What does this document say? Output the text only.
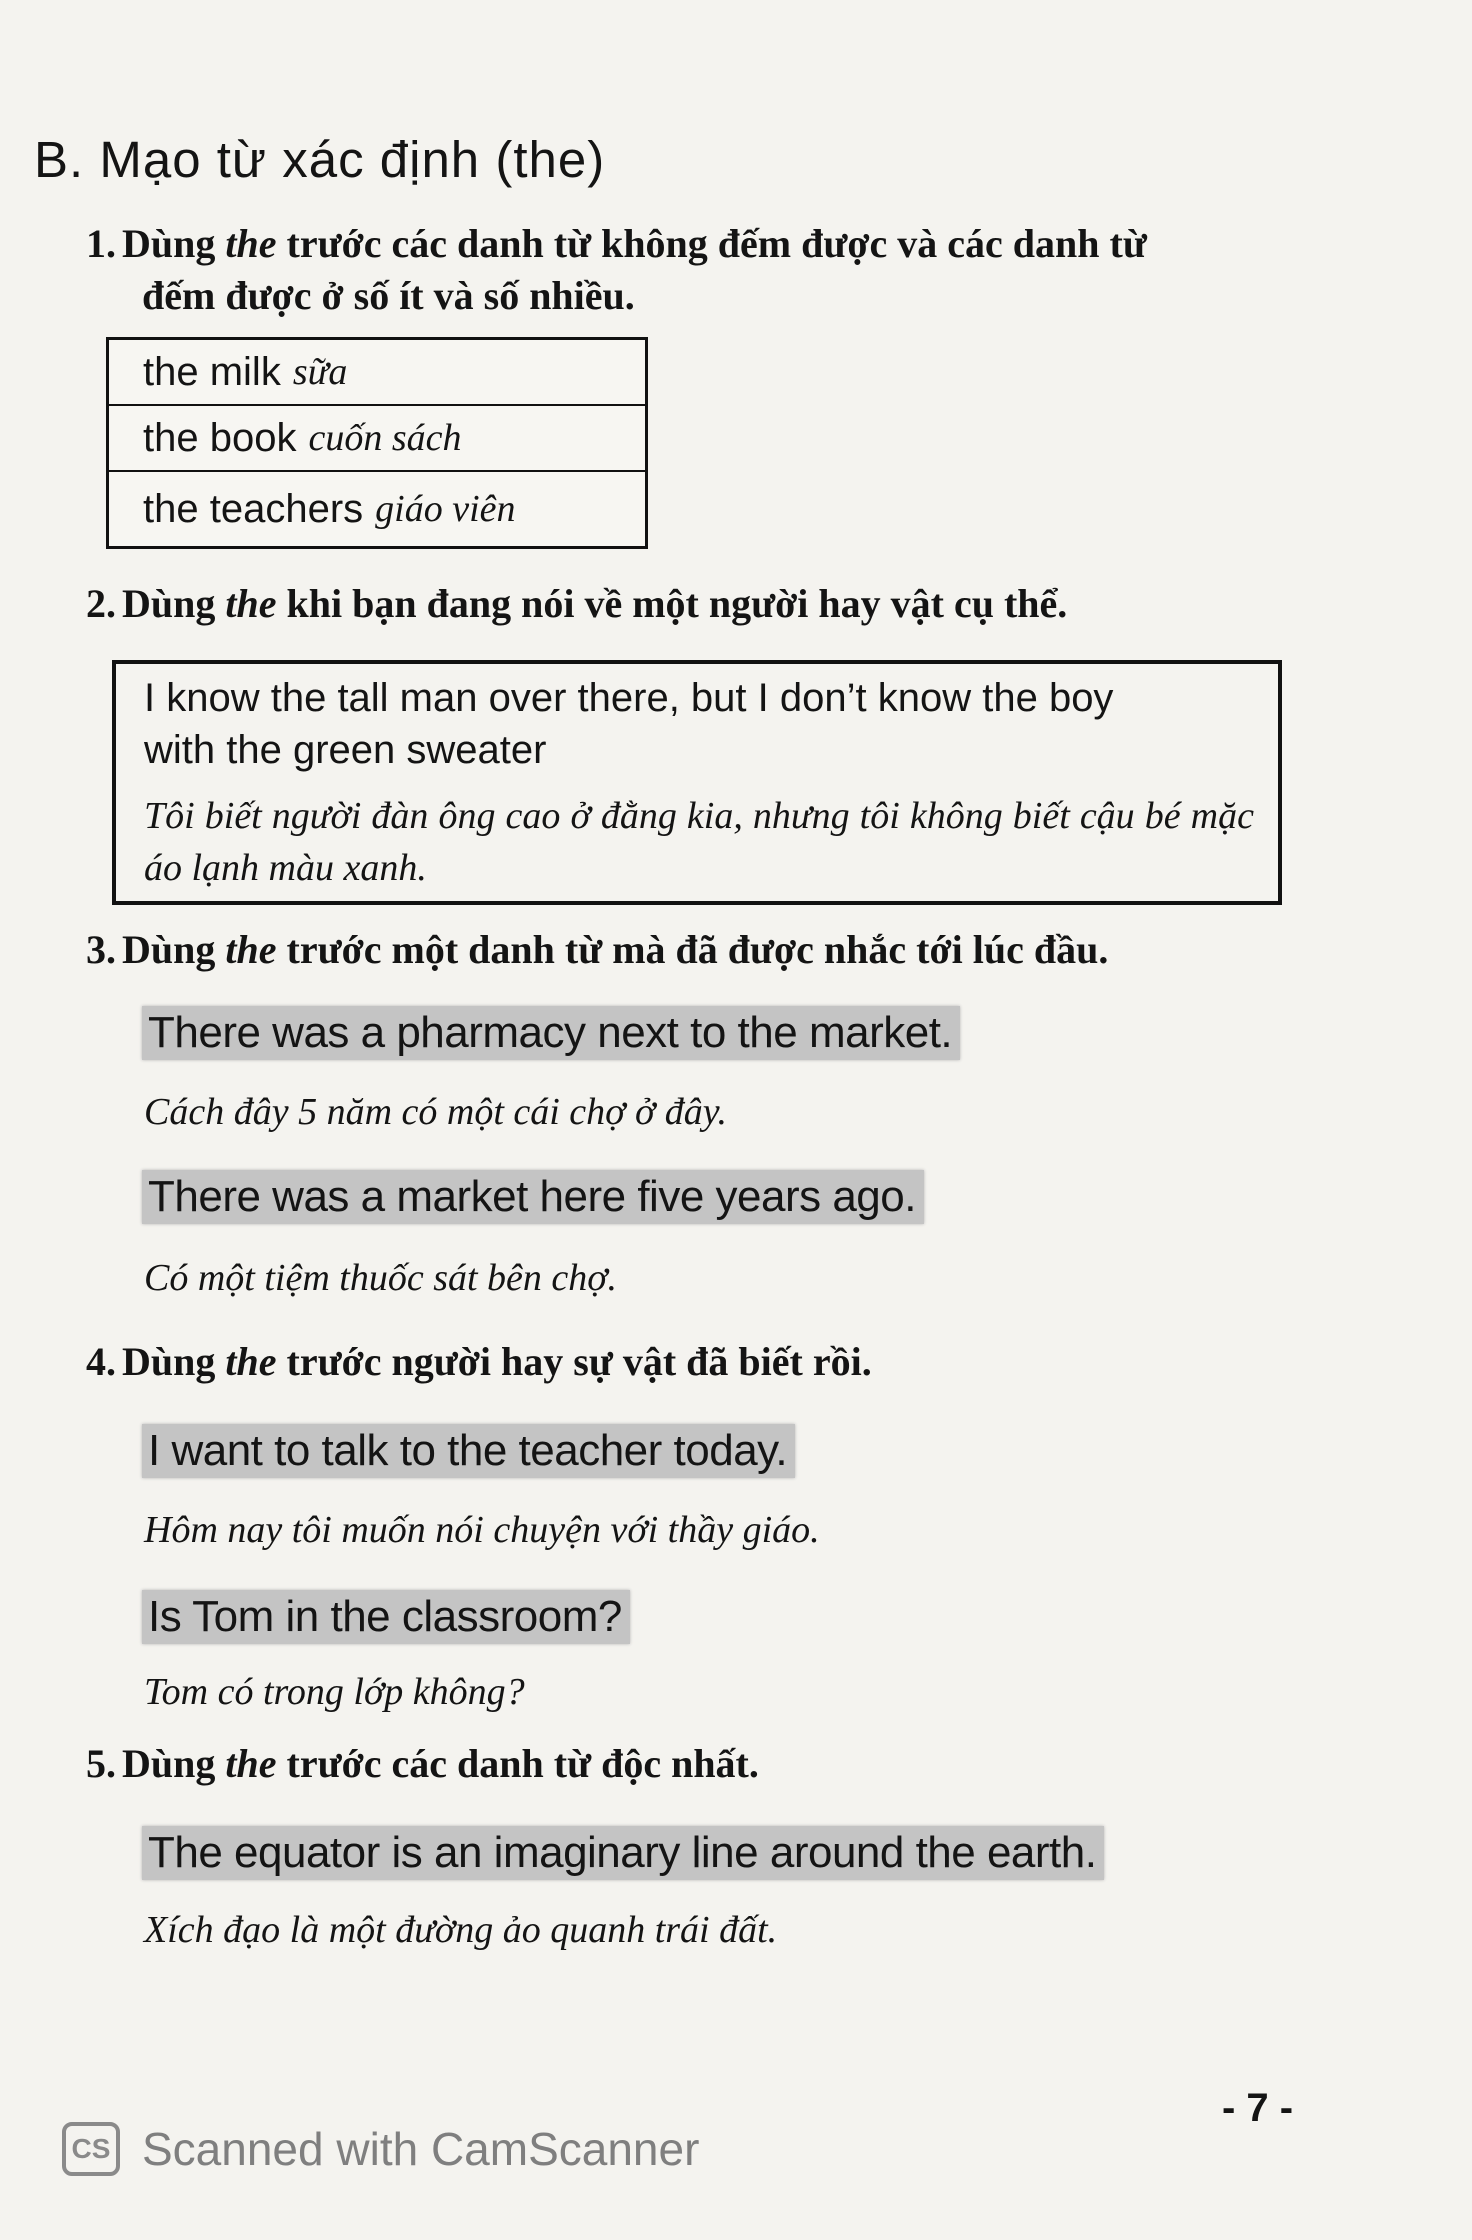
B. Mạo từ xác định (the)
1. Dùng the trước các danh từ không đếm được và các danh từ
đếm được ở số ít và số nhiều.
the milk sữa
the book cuốn sách
the teachers giáo viên
2. Dùng the khi bạn đang nói về một người hay vật cụ thể.
I know the tall man over there, but I don’t know the boy
with the green sweater
Tôi biết người đàn ông cao ở đằng kia, nhưng tôi không biết cậu bé mặc áo lạnh màu xanh.
3. Dùng the trước một danh từ mà đã được nhắc tới lúc đầu.
There was a pharmacy next to the market.
Cách đây 5 năm có một cái chợ ở đây.
There was a market here five years ago.
Có một tiệm thuốc sát bên chợ.
4. Dùng the trước người hay sự vật đã biết rồi.
I want to talk to the teacher today.
Hôm nay tôi muốn nói chuyện với thầy giáo.
Is Tom in the classroom?
Tom có trong lớp không?
5. Dùng the trước các danh từ độc nhất.
The equator is an imaginary line around the earth.
Xích đạo là một đường ảo quanh trái đất.
- 7 -
CS Scanned with CamScanner
